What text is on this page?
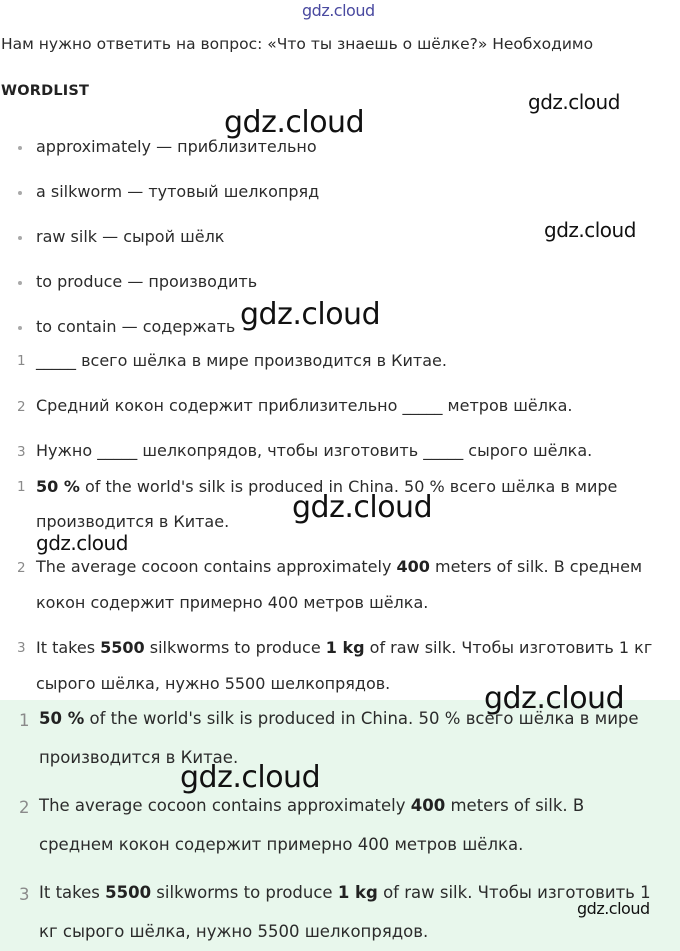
gdz.cloud
Нам нужно ответить на вопрос: «Что ты знаешь о шёлке?» Необходимо
WORDLIST
approximately — приблизительно
a silkworm — тутовый шелкопряд
raw silk — сырой шёлк
to produce — производить
to contain — содержать
1 _____ всего шёлка в мире производится в Китае.
2 Средний кокон содержит приблизительно _____ метров шёлка.
3 Нужно _____ шелкопрядов, чтобы изготовить _____ сырого шёлка.
1 50 % of the world's silk is produced in China. 50 % всего шёлка в мире
производится в Китае.
2 The average cocoon contains approximately 400 meters of silk. В среднем
кокон содержит примерно 400 метров шёлка.
3 It takes 5500 silkworms to produce 1 kg of raw silk. Чтобы изготовить 1 кг
сырого шёлка, нужно 5500 шелкопрядов.
1 50 % of the world's silk is produced in China. 50 % всего шёлка в мире
производится в Китае.
2 The average cocoon contains approximately 400 meters of silk. В
среднем кокон содержит примерно 400 метров шёлка.
3 It takes 5500 silkworms to produce 1 kg of raw silk. Чтобы изготовить 1
кг сырого шёлка, нужно 5500 шелкопрядов.
gdz.cloud
gdz.cloud
gdz.cloud
gdz.cloud
gdz.cloud
gdz.cloud
gdz.cloud
gdz.cloud
gdz.cloud
